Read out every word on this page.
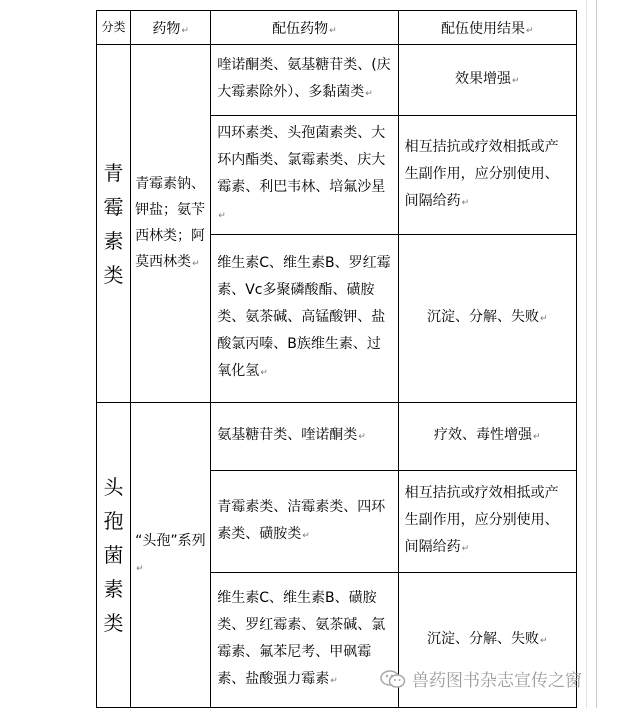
分类	药物↵	配伍药物↵	配伍使用结果↵

青霉素类	青霉素钠、钾盐；氨苄西林类；阿莫西林类↵	喹诺酮类、氨基糖苷类、(庆大霉素除外）、多黏菌类↵	效果增强↵
		四环素类、头孢菌素类、大环内酯类、氯霉素类、庆大霉素、利巴韦林、培氟沙星↵	相互拮抗或疗效相抵或产生副作用，应分别使用、间隔给药↵
		维生素C、维生素B、罗红霉素、Vc多聚磷酸酯、磺胺类、氨茶碱、高锰酸钾、盐酸氯丙嗪、B族维生素、过氧化氢↵	沉淀、分解、失败↵

头孢菌素类	“头孢”系列↵	氨基糖苷类、喹诺酮类↵	疗效、毒性增强↵
		青霉素类、洁霉素类、四环素类、磺胺类↵	相互拮抗或疗效相抵或产生副作用，应分别使用、间隔给药↵
		维生素C、维生素B、磺胺类、罗红霉素、氨茶碱、氯霉素、氟苯尼考、甲砜霉素、盐酸强力霉素↵	沉淀、分解、失败↵
兽药图书杂志宣传之窗
